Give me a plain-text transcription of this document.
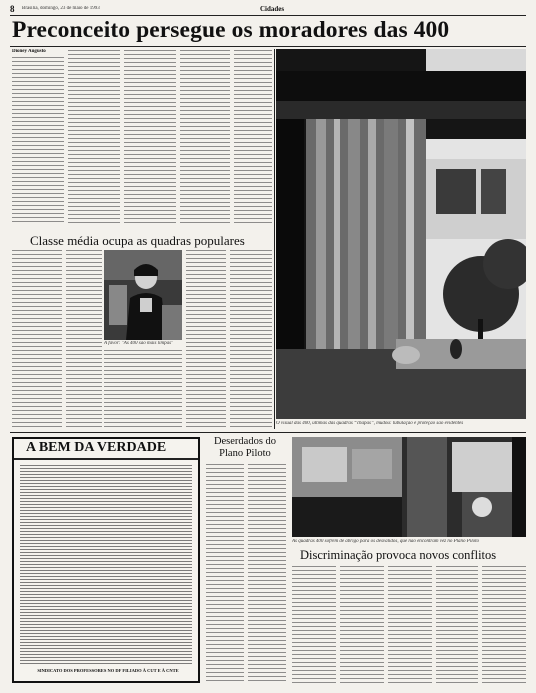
8 Brasília, domingo, 23 de maio de 1993	Cidades
Preconceito persegue os moradores das 400
Dioney Augusto
O visual das 400, últimas das quadras “chapas”, mudou: tubulação e proteção são evidentes
Classe média ocupa as quadras populares
A favor: "As 400 são mais limpas"
A BEM DA VERDADE
SINDICATO DOS PROFESSORES NO DF FILIADO À CUT E À CNTE
Deserdados do Plano Piloto
As quadras 400 sofrem de abrigo para os desvalidos, que não encontram vez no Plano Piloto
Discriminação provoca novos conflitos
